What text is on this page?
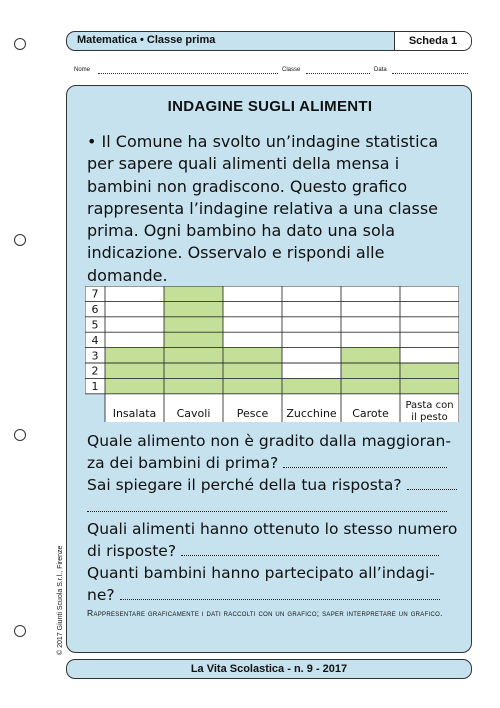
Matematica • Classe prima	Scheda 1
Nome	Classe	Data
INDAGINE SUGLI ALIMENTI

• Il Comune ha svolto un’indagine statistica per sapere quali alimenti della mensa i bambini non gradiscono. Questo grafico rappresenta l’indagine relativa a una classe prima. Ogni bambino ha dato una sola indicazione. Osservalo e rispondi alle domande.

1
2
3
4
5
6
7
Insalata Cavoli Pesce Zucchine Carote
Pasta con il pesto

Quale alimento non è gradito dalla maggioran-

za dei bambini di prima?

Sai spiegare il perché della tua risposta?

Quali alimenti hanno ottenuto lo stesso numero

di risposte?

Quanti bambini hanno partecipato all’indagi-

ne?

Rappresentare graficamente i dati raccolti con un grafico; saper interpretare un grafico.

La Vita Scolastica - n. 9 - 2017
© 2017 Giunti Scuola S.r.l., Firenze
